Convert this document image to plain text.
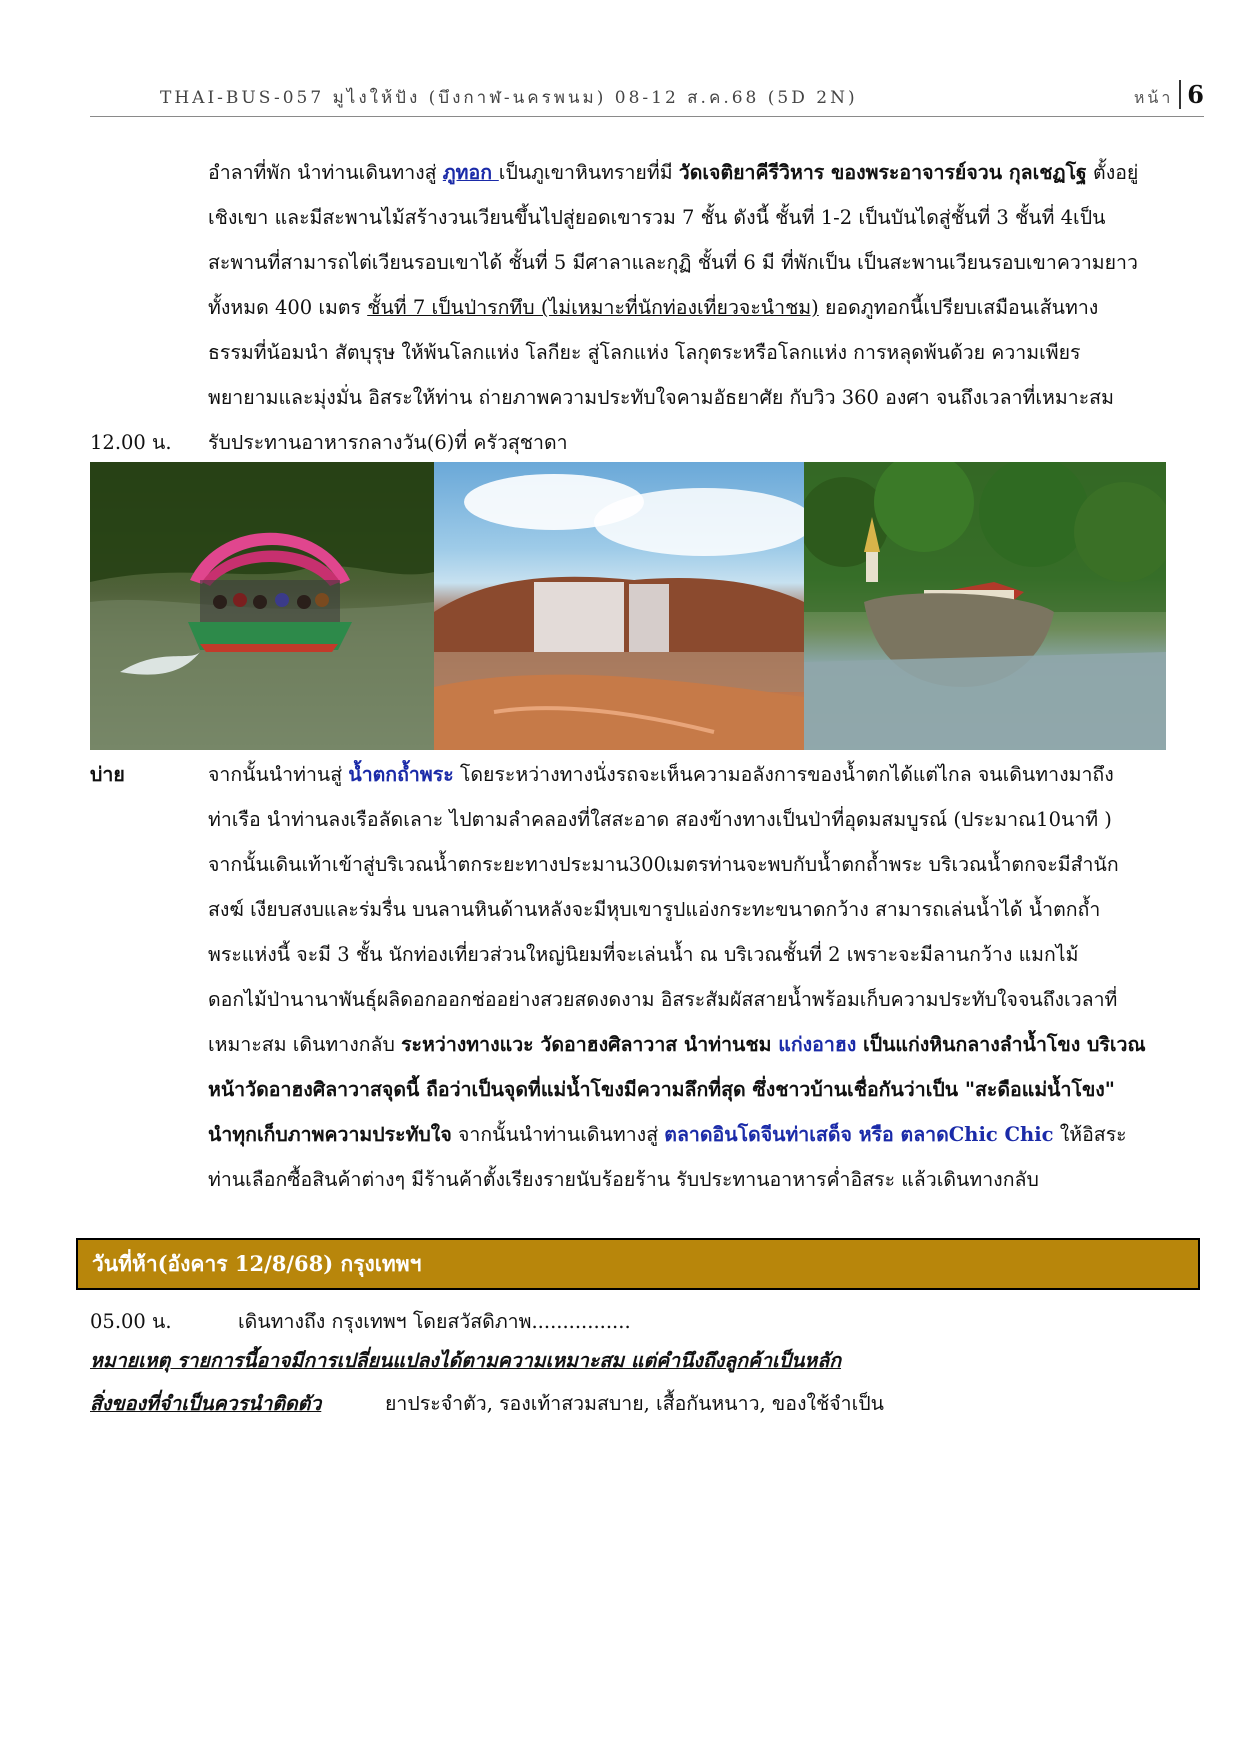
THAI-BUS-057 มูไงให้ปัง (บึงกาฬ-นครพนม) 08-12 ส.ค.68 (5D 2N)	หน้า 6

อำลาที่พัก นำท่านเดินทางสู่ ภูทอก เป็นภูเขาหินทรายที่มี วัดเจติยาคีรีวิหาร ของพระอาจารย์จวน กุลเชฏโฐ ตั้งอยู่

เชิงเขา และมีสะพานไม้สร้างวนเวียนขึ้นไปสู่ยอดเขารวม 7 ชั้น ดังนี้ ชั้นที่ 1-2 เป็นบันไดสู่ชั้นที่ 3 ชั้นที่ 4เป็น

สะพานที่สามารถไต่เวียนรอบเขาได้ ชั้นที่ 5 มีศาลาและกุฏิ ชั้นที่ 6 มี ที่พักเป็น เป็นสะพานเวียนรอบเขาความยาว

ทั้งหมด 400 เมตร ชั้นที่ 7 เป็นป่ารกทึบ (ไม่เหมาะที่นักท่องเที่ยวจะนำชม) ยอดภูทอกนี้เปรียบเสมือนเส้นทาง

ธรรมที่น้อมนำ สัตบุรุษ ให้พ้นโลกแห่ง โลกียะ สู่โลกแห่ง โลกุตระหรือโลกแห่ง การหลุดพ้นด้วย ความเพียร

พยายามและมุ่งมั่น อิสระให้ท่าน ถ่ายภาพความประทับใจคามอัธยาศัย กับวิว 360 องศา จนถึงเวลาที่เหมาะสม

12.00 น.	รับประทานอาหารกลางวัน(6)ที่ ครัวสุชาดา

บ่าย	จากนั้นนำท่านสู่ น้ำตกถ้ำพระ โดยระหว่างทางนั่งรถจะเห็นความอลังการของน้ำตกได้แต่ไกล จนเดินทางมาถึง

ท่าเรือ นำท่านลงเรือลัดเลาะ ไปตามลำคลองที่ใสสะอาด สองข้างทางเป็นป่าที่อุดมสมบูรณ์ (ประมาณ10นาที )

จากนั้นเดินเท้าเข้าสู่บริเวณน้ำตกระยะทางประมาน300เมตรท่านจะพบกับน้ำตกถ้ำพระ บริเวณน้ำตกจะมีสำนัก

สงฆ์ เงียบสงบและร่มรื่น บนลานหินด้านหลังจะมีหุบเขารูปแอ่งกระทะขนาดกว้าง สามารถเล่นน้ำได้ น้ำตกถ้ำ

พระแห่งนี้ จะมี 3 ชั้น นักท่องเที่ยวส่วนใหญ่นิยมที่จะเล่นน้ำ ณ บริเวณชั้นที่ 2 เพราะจะมีลานกว้าง แมกไม้

ดอกไม้ป่านานาพันธุ์ผลิดอกออกช่ออย่างสวยสดงดงาม อิสระสัมผัสสายน้ำพร้อมเก็บความประทับใจจนถึงเวลาที่

เหมาะสม เดินทางกลับ ระหว่างทางแวะ วัดอาฮงศิลาวาส นำท่านชม แก่งอาฮง เป็นแก่งหินกลางลำน้ำโขง บริเวณ

หน้าวัดอาฮงศิลาวาสจุดนี้ ถือว่าเป็นจุดที่แม่น้ำโขงมีความลึกที่สุด ซึ่งชาวบ้านเชื่อกันว่าเป็น "สะดือแม่น้ำโขง"

นำทุกเก็บภาพความประทับใจ จากนั้นนำท่านเดินทางสู่ ตลาดอินโดจีนท่าเสด็จ หรือ ตลาดChic Chic ให้อิสระ

ท่านเลือกซื้อสินค้าต่างๆ มีร้านค้าตั้งเรียงรายนับร้อยร้าน รับประทานอาหารค่ำอิสระ แล้วเดินทางกลับ

วันที่ห้า(อังคาร 12/8/68) กรุงเทพฯ
05.00 น.	เดินทางถึง กรุงเทพฯ โดยสวัสดิภาพ................
หมายเหตุ รายการนี้อาจมีการเปลี่ยนแปลงได้ตามความเหมาะสม แต่คำนึงถึงลูกค้าเป็นหลัก
สิ่งของที่จำเป็นควรนำติดตัว	ยาประจำตัว, รองเท้าสวมสบาย, เสื้อกันหนาว, ของใช้จำเป็น
